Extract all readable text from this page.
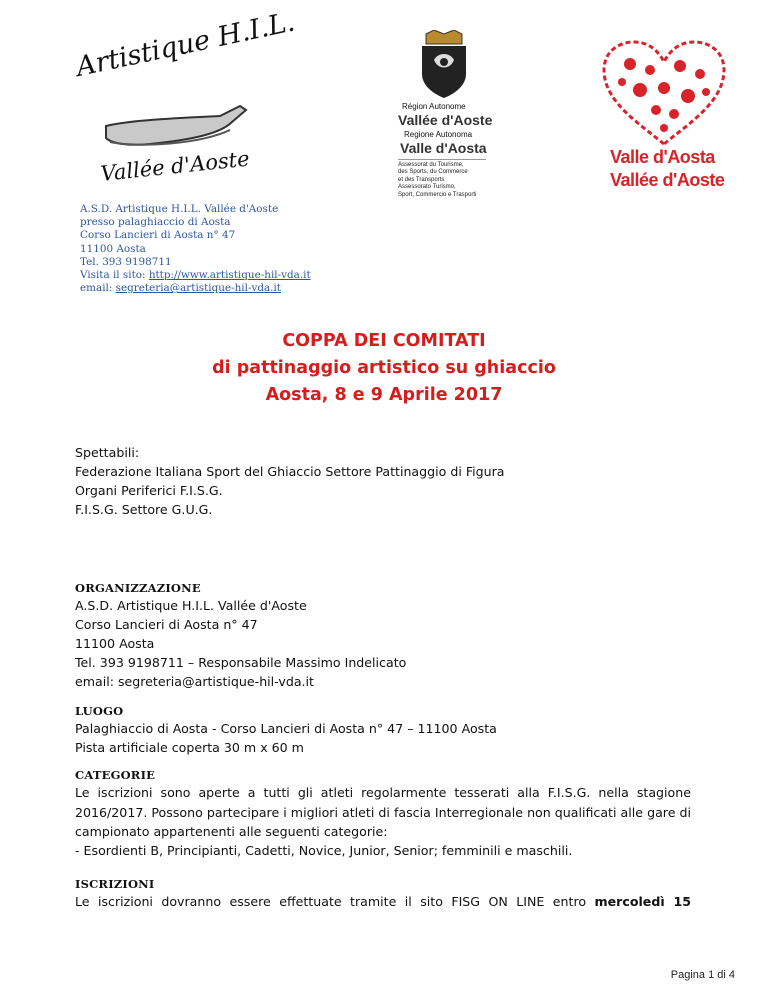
Artistique H.I.L.
Vallée d'Aoste
Région Autonome
Vallée d'Aoste
Regione Autonoma
Valle d'Aosta
Assessorat du Tourisme,
des Sports, du Commerce
et des Transports
Assessorato Turismo,
Sport, Commercio e Trasporti
Valle d'Aosta
Vallée d'Aoste
A.S.D. Artistique H.I.L. Vallée d'Aoste
presso palaghiaccio di Aosta
Corso Lancieri di Aosta n° 47
11100 Aosta
Tel. 393 9198711
Visita il sito: http://www.artistique-hil-vda.it
email: segreteria@artistique-hil-vda.it
COPPA DEI COMITATI
di pattinaggio artistico su ghiaccio
Aosta, 8 e 9 Aprile 2017
Spettabili:
Federazione Italiana Sport del Ghiaccio Settore Pattinaggio di Figura
Organi Periferici F.I.S.G.
F.I.S.G. Settore G.U.G.
ORGANIZZAZIONE
A.S.D. Artistique H.I.L. Vallée d'Aoste
Corso Lancieri di Aosta n° 47
11100 Aosta
Tel. 393 9198711 – Responsabile Massimo Indelicato
email: segreteria@artistique-hil-vda.it
LUOGO
Palaghiaccio di Aosta - Corso Lancieri di Aosta n° 47 – 11100 Aosta
Pista artificiale coperta 30 m x 60 m
CATEGORIE
Le iscrizioni sono aperte a tutti gli atleti regolarmente tesserati alla F.I.S.G. nella stagione 2016/2017. Possono partecipare i migliori atleti di fascia Interregionale non qualificati alle gare di campionato appartenenti alle seguenti categorie:
- Esordienti B, Principianti, Cadetti, Novice, Junior, Senior; femminili e maschili.
ISCRIZIONI
Le iscrizioni dovranno essere effettuate tramite il sito FISG ON LINE entro mercoledì 15
Pagina 1 di 4
